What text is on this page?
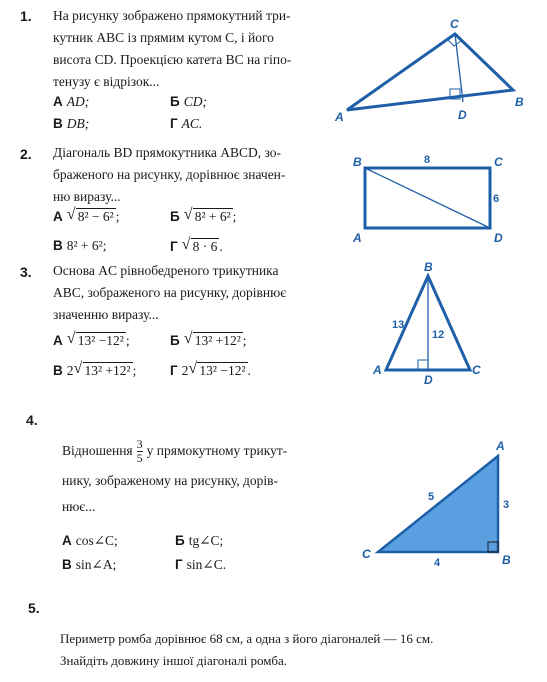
1. На рисунку зображено прямокутний три-
кутник ABC із прямим кутом C, і його
висота CD. Проекцією катета BC на гіпо-
тенузу є відрізок...
А AD;	Б CD;
В DB;	Г AC.	A
C
B
D
2. Діагональ BD прямокутника ABCD, зо-
браженого на рисунку, дорівнює значен-
ню виразу...
А √ 8² − 6² ;	Б √ 8² + 6² ;
В 8² + 6²;	Г √ 8 · 6 .
B	C
A	D
8
6
3. Основа AC рівнобедреного трикутника
ABC, зображеного на рисунку, дорівнює
значенню виразу...
А √ 13² −12² ;	Б √ 13² +12² ;
В 2 √ 13² +12² ; Г 2 √ 13² −12² .
B
A	C
D
13
12
4.
Відношення $\frac{3}{5}$ у прямокутному трикут-
нику, зображеному на рисунку, дорів-
нює...
А cos∠C;	Б tg∠C;
В sin∠A;	Г sin∠C.
A
C	B
5
3
4
5.
Периметр ромба дорівнює 68 см, а одна з його діагоналей — 16 см.
Знайдіть довжину іншої діагоналі ромба.
